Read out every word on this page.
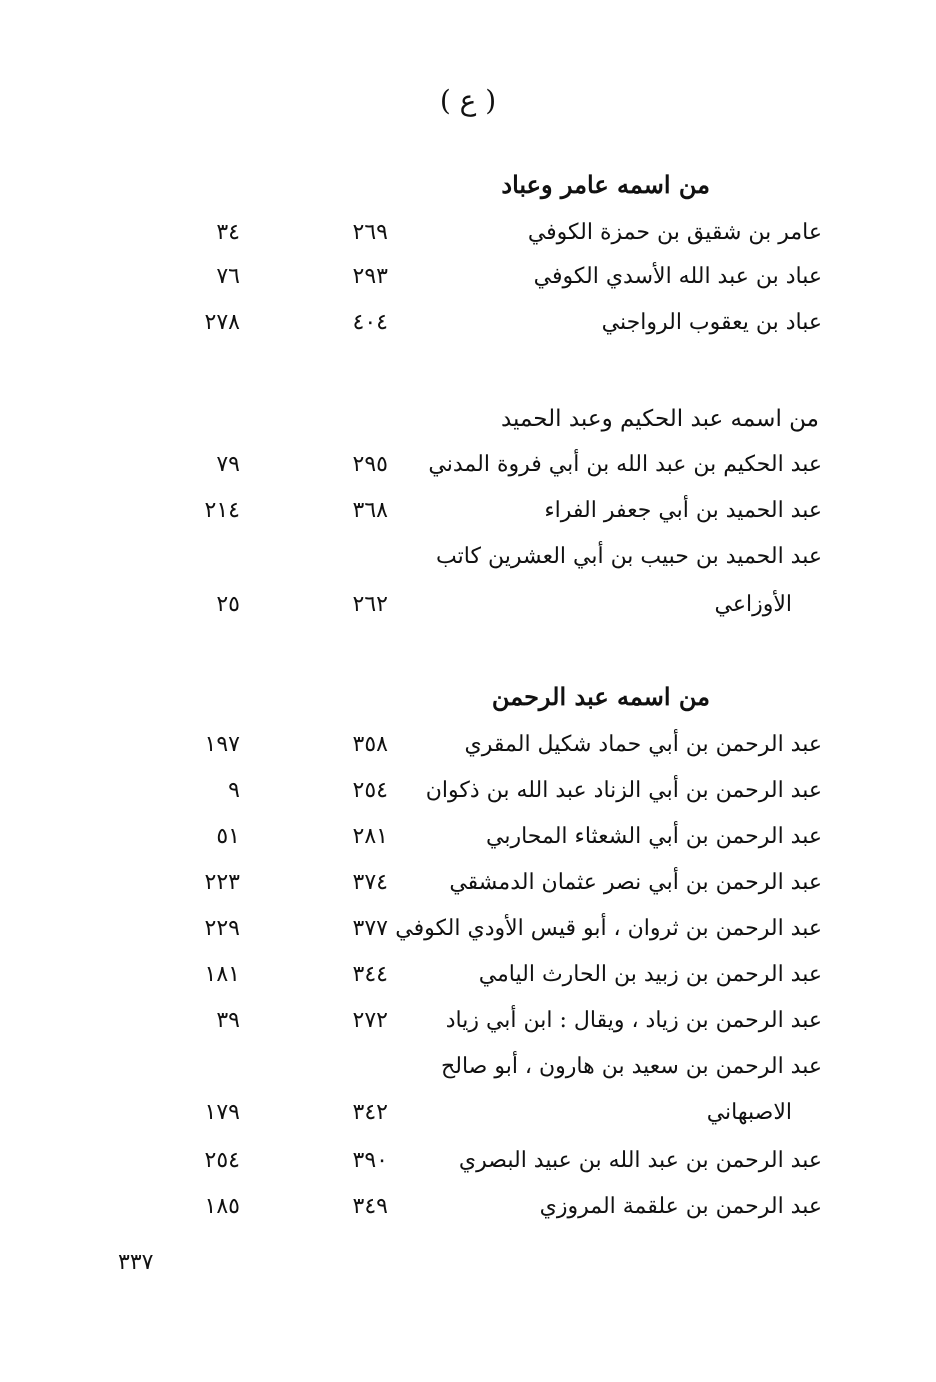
( ع )
من اسمه عامر وعباد
عامر بن شقيق بن حمزة الكوفي
٢٦٩
٣٤
عباد بن عبد الله الأسدي الكوفي
٢٩٣
٧٦
عباد بن يعقوب الرواجني
٤٠٤
٢٧٨
من اسمه عبد الحكيم وعبد الحميد
عبد الحكيم بن عبد الله بن أبي فروة المدني
٢٩٥
٧٩
عبد الحميد بن أبي جعفر الفراء
٣٦٨
٢١٤
عبد الحميد بن حبيب بن أبي العشرين كاتب
الأوزاعي
٢٦٢
٢٥
من اسمه عبد الرحمن
عبد الرحمن بن أبي حماد شكيل المقري
٣٥٨
١٩٧
عبد الرحمن بن أبي الزناد عبد الله بن ذكوان
٢٥٤
٩
عبد الرحمن بن أبي الشعثاء المحاربي
٢٨١
٥١
عبد الرحمن بن أبي نصر عثمان الدمشقي
٣٧٤
٢٢٣
عبد الرحمن بن ثروان ، أبو قيس الأودي الكوفي
٣٧٧
٢٢٩
عبد الرحمن بن زبيد بن الحارث اليامي
٣٤٤
١٨١
عبد الرحمن بن زياد ، ويقال : ابن أبي زياد
٢٧٢
٣٩
عبد الرحمن بن سعيد بن هارون ، أبو صالح
الاصبهاني
٣٤٢
١٧٩
عبد الرحمن بن عبد الله بن عبيد البصري
٣٩٠
٢٥٤
عبد الرحمن بن علقمة المروزي
٣٤٩
١٨٥
٣٣٧
